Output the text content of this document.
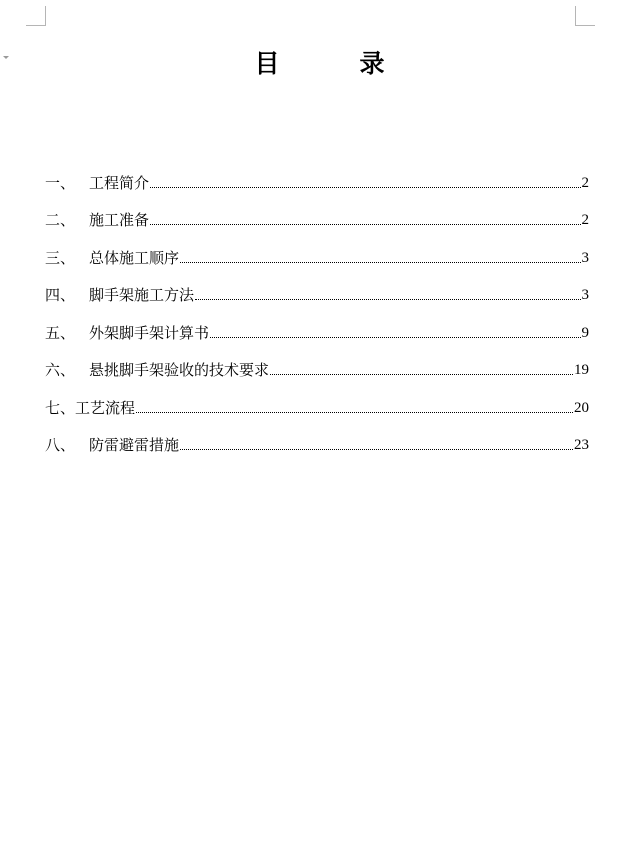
目	录
一、 工程简介	2
二、 施工准备	2
三、 总体施工顺序	3
四、 脚手架施工方法	3
五、 外架脚手架计算书	9
六、 悬挑脚手架验收的技术要求	19
七、 工艺流程	20
八、 防雷避雷措施	23
